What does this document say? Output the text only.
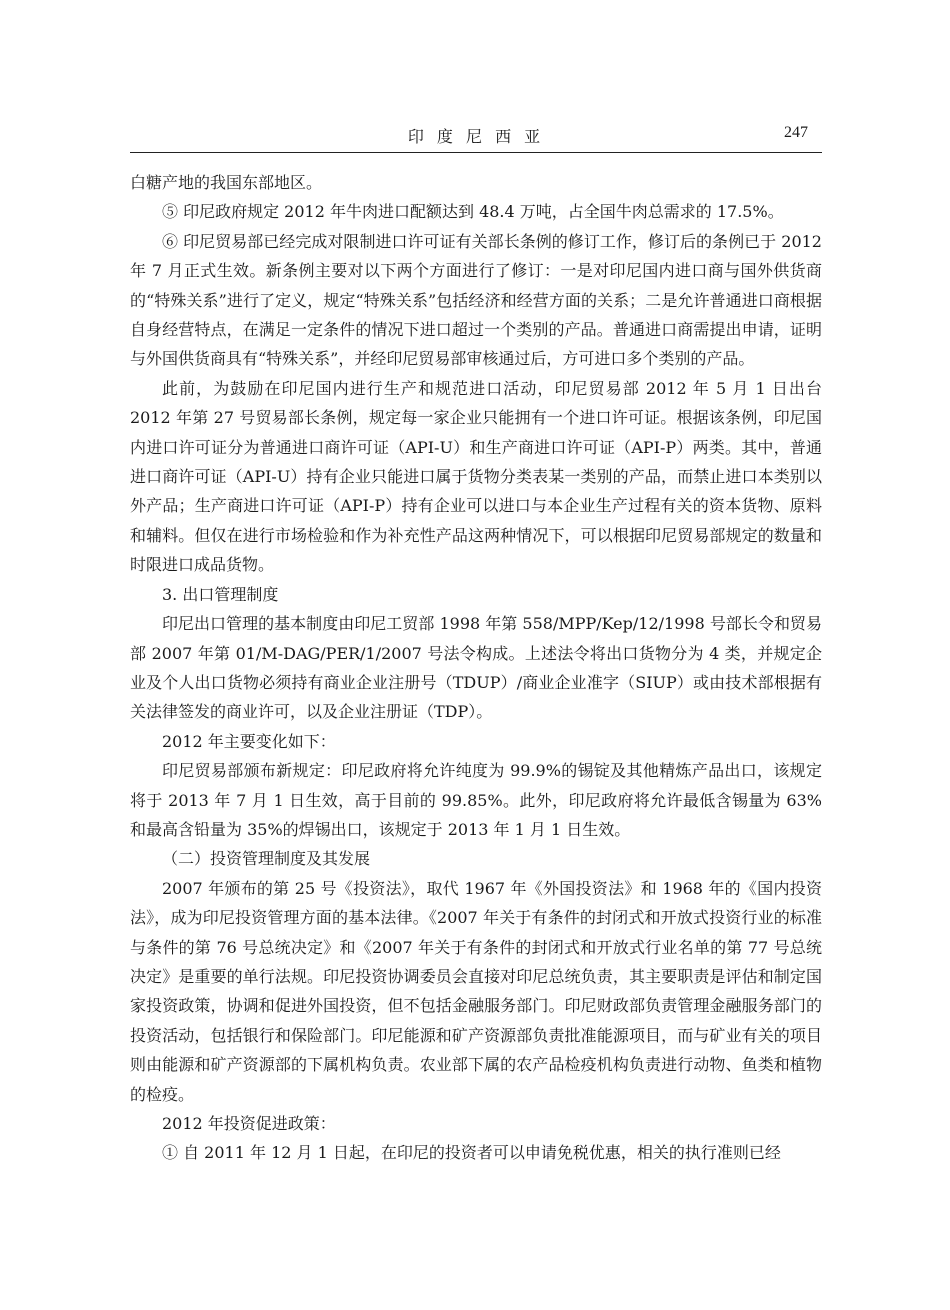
印 度 尼 西 亚	247

白糖产地的我国东部地区。

⑤ 印尼政府规定 2012 年牛肉进口配额达到 48.4 万吨，占全国牛肉总需求的 17.5%。

⑥ 印尼贸易部已经完成对限制进口许可证有关部长条例的修订工作，修订后的条例已于 2012 年 7 月正式生效。新条例主要对以下两个方面进行了修订：一是对印尼国内进口商与国外供货商的“特殊关系”进行了定义，规定“特殊关系”包括经济和经营方面的关系；二是允许普通进口商根据自身经营特点，在满足一定条件的情况下进口超过一个类别的产品。普通进口商需提出申请，证明与外国供货商具有“特殊关系”，并经印尼贸易部审核通过后，方可进口多个类别的产品。

此前，为鼓励在印尼国内进行生产和规范进口活动，印尼贸易部 2012 年 5 月 1 日出台 2012 年第 27 号贸易部长条例，规定每一家企业只能拥有一个进口许可证。根据该条例，印尼国内进口许可证分为普通进口商许可证（API-U）和生产商进口许可证（API-P）两类。其中，普通进口商许可证（API-U）持有企业只能进口属于货物分类表某一类别的产品，而禁止进口本类别以外产品；生产商进口许可证（API-P）持有企业可以进口与本企业生产过程有关的资本货物、原料和辅料。但仅在进行市场检验和作为补充性产品这两种情况下，可以根据印尼贸易部规定的数量和时限进口成品货物。

3. 出口管理制度

印尼出口管理的基本制度由印尼工贸部 1998 年第 558/MPP/Kep/12/1998 号部长令和贸易部 2007 年第 01/M-DAG/PER/1/2007 号法令构成。上述法令将出口货物分为 4 类，并规定企业及个人出口货物必须持有商业企业注册号（TDUP）/商业企业准字（SIUP）或由技术部根据有关法律签发的商业许可，以及企业注册证（TDP）。

2012 年主要变化如下：

印尼贸易部颁布新规定：印尼政府将允许纯度为 99.9%的锡锭及其他精炼产品出口，该规定将于 2013 年 7 月 1 日生效，高于目前的 99.85%。此外，印尼政府将允许最低含锡量为 63%和最高含铅量为 35%的焊锡出口，该规定于 2013 年 1 月 1 日生效。

（二）投资管理制度及其发展

2007 年颁布的第 25 号《投资法》，取代 1967 年《外国投资法》和 1968 年的《国内投资法》，成为印尼投资管理方面的基本法律。《2007 年关于有条件的封闭式和开放式投资行业的标准与条件的第 76 号总统决定》和《2007 年关于有条件的封闭式和开放式行业名单的第 77 号总统决定》是重要的单行法规。印尼投资协调委员会直接对印尼总统负责，其主要职责是评估和制定国家投资政策，协调和促进外国投资，但不包括金融服务部门。印尼财政部负责管理金融服务部门的投资活动，包括银行和保险部门。印尼能源和矿产资源部负责批准能源项目，而与矿业有关的项目则由能源和矿产资源部的下属机构负责。农业部下属的农产品检疫机构负责进行动物、鱼类和植物的检疫。

2012 年投资促进政策：

① 自 2011 年 12 月 1 日起，在印尼的投资者可以申请免税优惠，相关的执行准则已经
